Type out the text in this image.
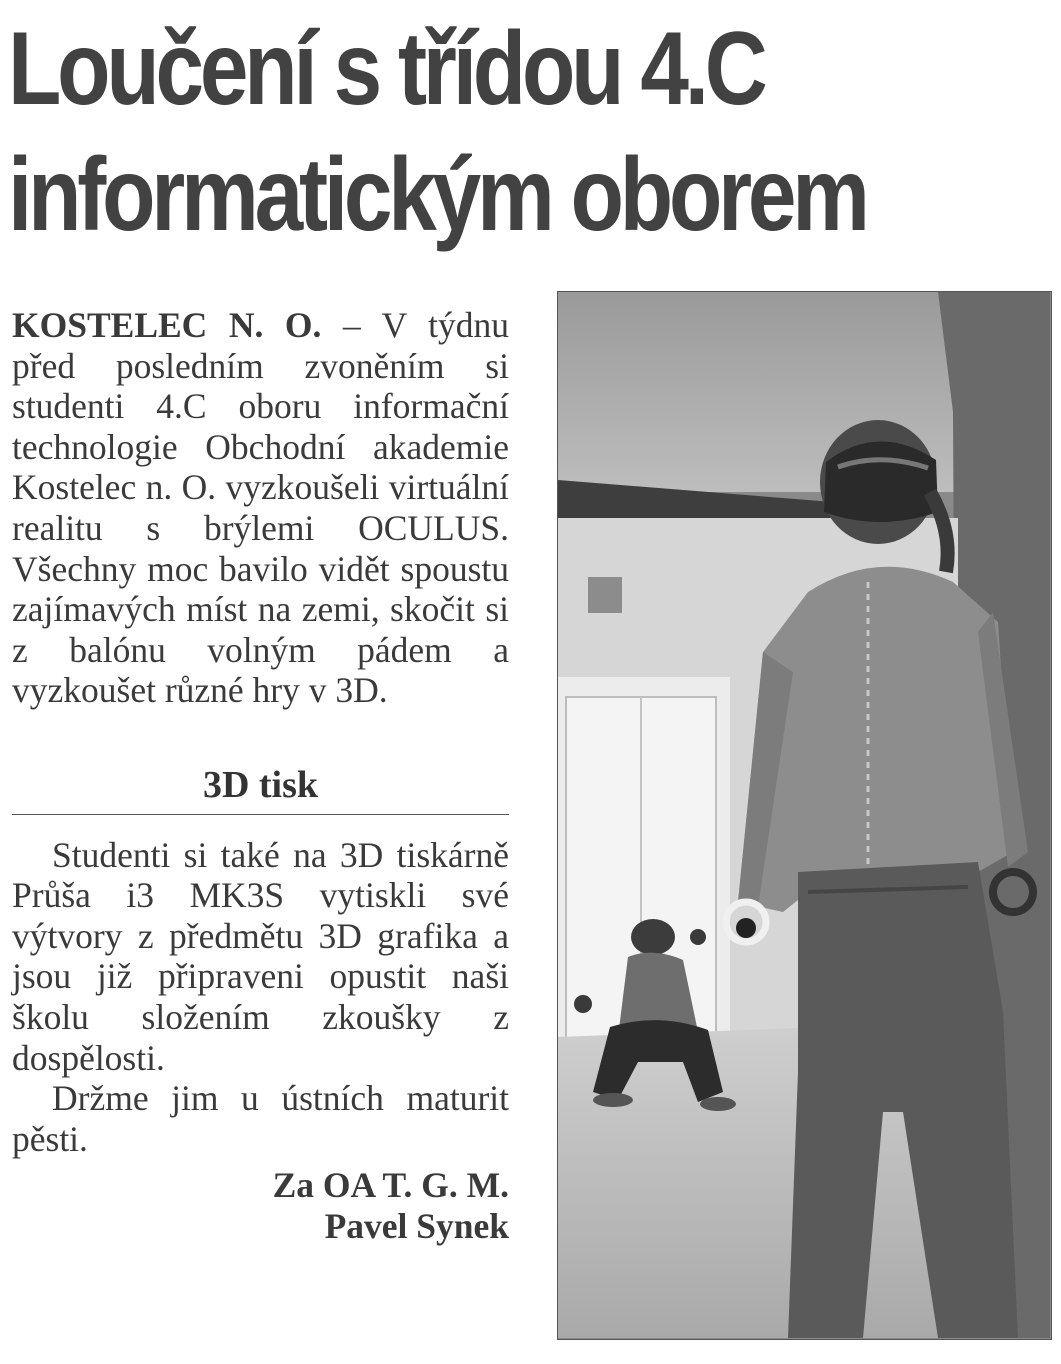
Loučení s třídou 4.C
informatickým oborem

KOSTELEC N. O. – V týdnu před posledním zvoněním si studenti 4.C oboru informační technologie Obchodní akademie Kostelec n. O. vyzkoušeli virtuální realitu s brýlemi OCULUS. Všechny moc bavilo vidět spoustu zajímavých míst na zemi, skočit si z balónu volným pádem a vyzkoušet různé hry v 3D.

3D tisk

Studenti si také na 3D tiskárně Průša i3 MK3S vytiskli své výtvory z předmětu 3D grafika a jsou již připraveni opustit naši školu složením zkoušky z dospělosti.

Držme jim u ústních maturit pěsti.

Za OA T. G. M.
Pavel Synek
